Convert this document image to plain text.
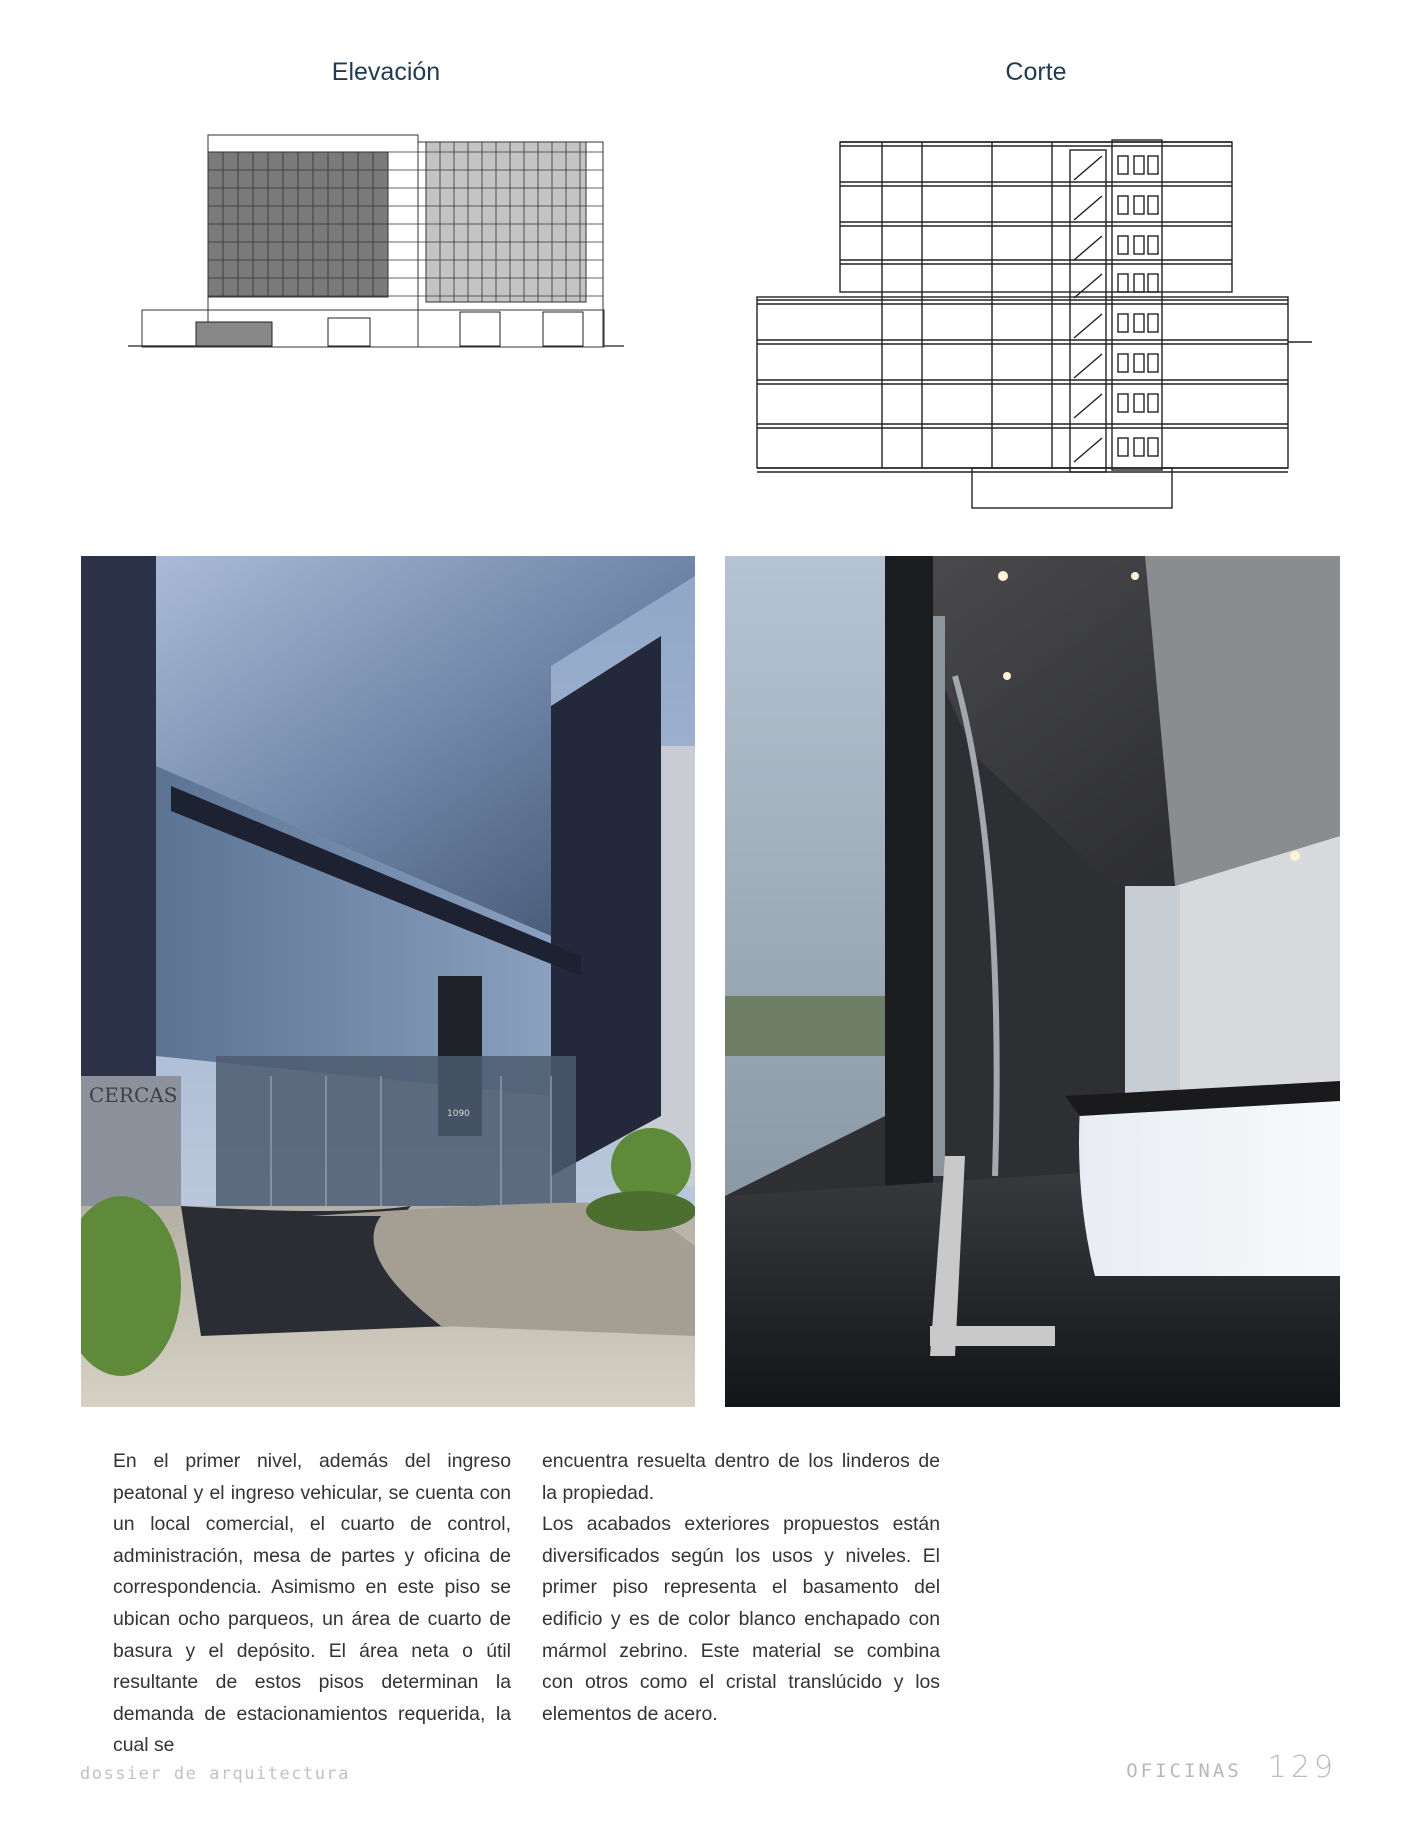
Elevación	Corte
CERCAS
1090

En el primer nivel, además del ingreso peatonal y el ingreso vehicular, se cuenta con un local comercial, el cuarto de control, administración, mesa de partes y oficina de correspondencia. Asimismo en este piso se ubican ocho parqueos, un área de cuarto de basura y el depósito. El área neta o útil resultante de estos pisos determinan la demanda de estacionamientos requerida, la cual se

encuentra resuelta dentro de los linderos de la propiedad.

Los acabados exteriores propuestos están diversificados según los usos y niveles. El primer piso representa el basamento del edificio y es de color blanco enchapado con mármol zebrino. Este material se combina con otros como el cristal translúcido y los elementos de acero.

dossier de arquitectura	OFICINAS 129
